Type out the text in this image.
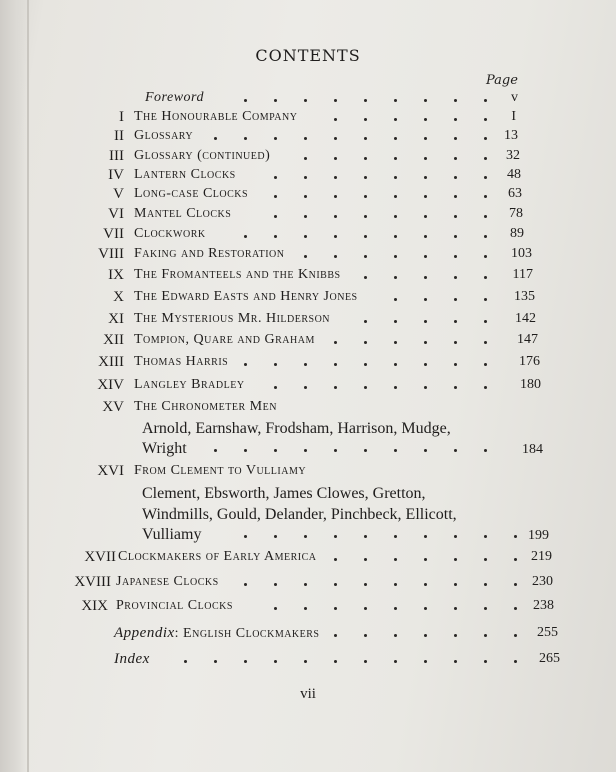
CONTENTS
Page
Foreword	v
I The Honourable Company	I
II Glossary	13
III Glossary (continued)	32
IV Lantern Clocks	48
V Long-case Clocks	63
VI Mantel Clocks	78
VII Clockwork	89
VIII Faking and Restoration	103
IX The Fromanteels and the Knibbs	117
X The Edward Easts and Henry Jones	135
XI The Mysterious Mr. Hilderson	142
XII Tompion, Quare and Graham	147
XIII Thomas Harris	176
XIV Langley Bradley	180
XV The Chronometer Men
Arnold, Earnshaw, Frodsham, Harrison, Mudge,
Wright	184
XVI From Clement to Vulliamy
Clement, Ebsworth, James Clowes, Gretton,
Windmills, Gould, Delander, Pinchbeck, Ellicott,
Vulliamy	199
XVII Clockmakers of Early America	219
XVIII Japanese Clocks	230
XIX Provincial Clocks	238
Appendix: English Clockmakers	255
Index	265
vii
